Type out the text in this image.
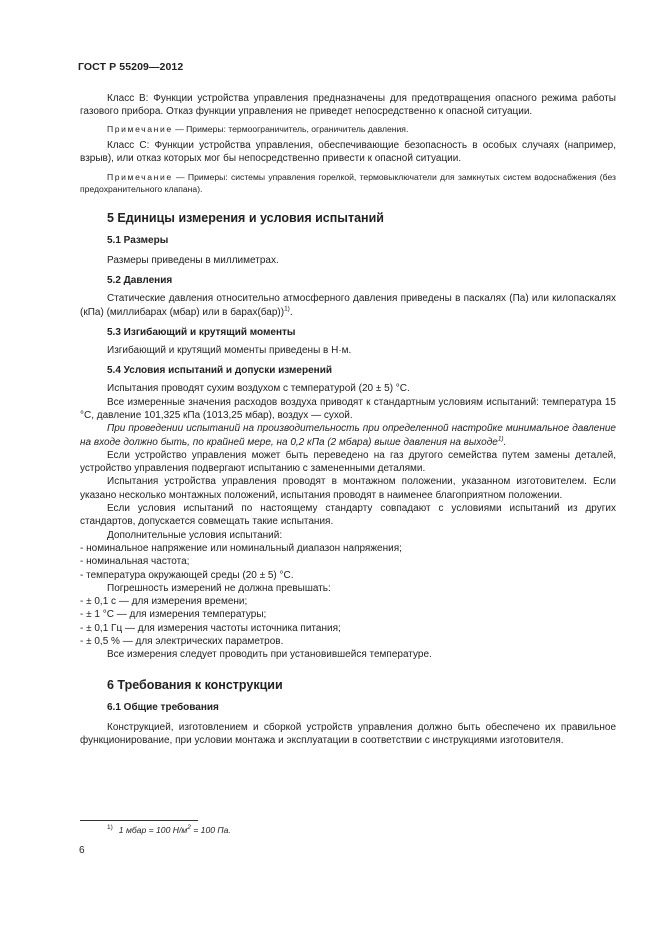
ГОСТ Р 55209—2012

Класс В: Функции устройства управления предназначены для предотвращения опасного режима работы газового прибора. Отказ функции управления не приведет непосредственно к опасной ситуации.

Примечание — Примеры: термоограничитель, ограничитель давления.

Класс С: Функции устройства управления, обеспечивающие безопасность в особых случаях (например, взрыв), или отказ которых мог бы непосредственно привести к опасной ситуации.

Примечание — Примеры: системы управления горелкой, термовыключатели для замкнутых систем водоснабжения (без предохранительного клапана).

5 Единицы измерения и условия испытаний
5.1 Размеры

Размеры приведены в миллиметрах.

5.2 Давления

Статические давления относительно атмосферного давления приведены в паскалях (Па) или килопаскалях (кПа) (миллибарах (мбар) или в барах(бар))$^{1)}$.

5.3 Изгибающий и крутящий моменты

Изгибающий и крутящий моменты приведены в Н·м.

5.4 Условия испытаний и допуски измерений

Испытания проводят сухим воздухом с температурой (20 ± 5) °С.

Все измеренные значения расходов воздуха приводят к стандартным условиям испытаний: температура 15 °С, давление 101,325 кПа (1013,25 мбар), воздух — сухой.

При проведении испытаний на производительность при определенной настройке минимальное давление на входе должно быть, по крайней мере, на 0,2 кПа (2 мбара) выше давления на выходе$^{1)}$.

Если устройство управления может быть переведено на газ другого семейства путем замены деталей, устройство управления подвергают испытанию с замененными деталями.

Испытания устройства управления проводят в монтажном положении, указанном изготовителем. Если указано несколько монтажных положений, испытания проводят в наименее благоприятном положении.

Если условия испытаний по настоящему стандарту совпадают с условиями испытаний из других стандартов, допускается совмещать такие испытания.

Дополнительные условия испытаний:

- номинальное напряжение или номинальный диапазон напряжения;

- номинальная частота;

- температура окружающей среды (20 ± 5) °С.

Погрешность измерений не должна превышать:

- ± 0,1 с — для измерения времени;

- ± 1 °С — для измерения температуры;

- ± 0,1 Гц — для измерения частоты источника питания;

- ± 0,5 % — для электрических параметров.

Все измерения следует проводить при установившейся температуре.

6 Требования к конструкции
6.1 Общие требования

Конструкцией, изготовлением и сборкой устройств управления должно быть обеспечено их правильное функционирование, при условии монтажа и эксплуатации в соответствии с инструкциями изготовителя.

$^{1)}$ 1 мбар = 100 $Н/м^2 = 100$ Па.
6
